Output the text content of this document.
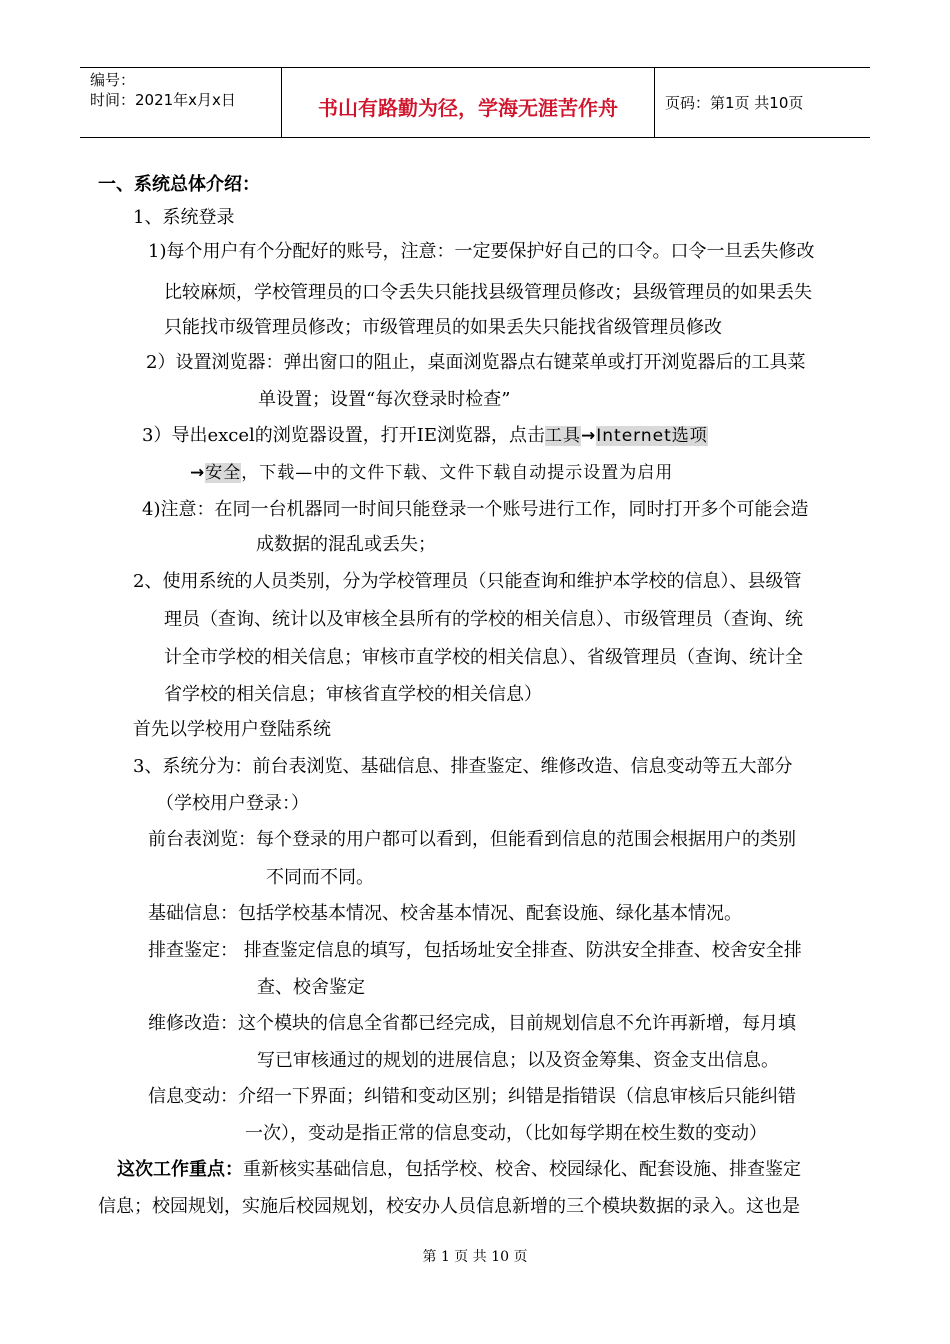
编号：
时间：2021年x月x日	书山有路勤为径，学海无涯苦作舟	页码：第1页 共10页
一、系统总体介绍：
1、系统登录
1)每个用户有个分配好的账号，注意：一定要保护好自己的口令。口令一旦丢失修改
比较麻烦，学校管理员的口令丢失只能找县级管理员修改；县级管理员的如果丢失
只能找市级管理员修改；市级管理员的如果丢失只能找省级管理员修改
2）设置浏览器：弹出窗口的阻止，桌面浏览器点右键菜单或打开浏览器后的工具菜
单设置；设置“每次登录时检查”
3）导出excel的浏览器设置，打开IE浏览器，点击工具→Internet选项
→安全，下载—中的文件下载、文件下载自动提示设置为启用
4)注意：在同一台机器同一时间只能登录一个账号进行工作，同时打开多个可能会造
成数据的混乱或丢失；
2、使用系统的人员类别，分为学校管理员（只能查询和维护本学校的信息）、县级管
理员（查询、统计以及审核全县所有的学校的相关信息）、市级管理员（查询、统
计全市学校的相关信息；审核市直学校的相关信息）、省级管理员（查询、统计全
省学校的相关信息；审核省直学校的相关信息）
首先以学校用户登陆系统
3、系统分为：前台表浏览、基础信息、排查鉴定、维修改造、信息变动等五大部分
（学校用户登录：）
前台表浏览：每个登录的用户都可以看到，但能看到信息的范围会根据用户的类别
不同而不同。
基础信息：包括学校基本情况、校舍基本情况、配套设施、绿化基本情况。
排查鉴定： 排查鉴定信息的填写，包括场址安全排查、防洪安全排查、校舍安全排
查、校舍鉴定
维修改造：这个模块的信息全省都已经完成，目前规划信息不允许再新增，每月填
写已审核通过的规划的进展信息；以及资金筹集、资金支出信息。
信息变动：介绍一下界面；纠错和变动区别；纠错是指错误（信息审核后只能纠错
一次），变动是指正常的信息变动，（比如每学期在校生数的变动）
这次工作重点：重新核实基础信息，包括学校、校舍、校园绿化、配套设施、排查鉴定
信息；校园规划，实施后校园规划，校安办人员信息新增的三个模块数据的录入。这也是
第 1 页 共 10 页
